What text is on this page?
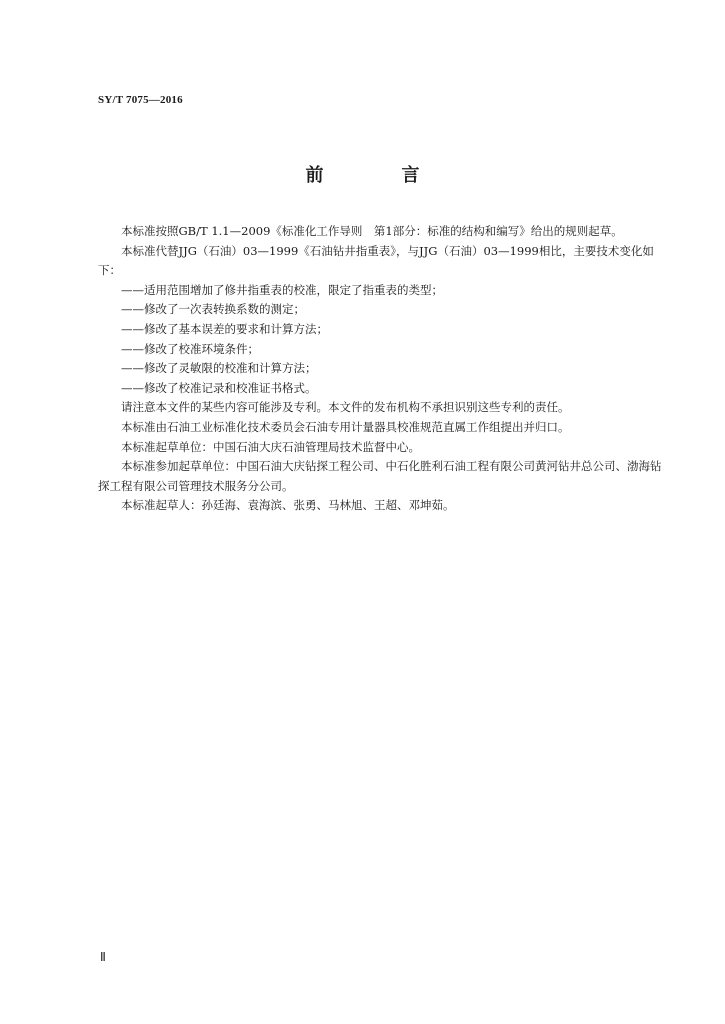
SY/T 7075—2016
前　言

本标准按照GB/T 1.1—2009《标准化工作导则　第1部分：标准的结构和编写》给出的规则起草。

本标准代替JJG（石油）03—1999《石油钻井指重表》，与JJG（石油）03—1999相比，主要技术变化如下：

——适用范围增加了修井指重表的校准，限定了指重表的类型；

——修改了一次表转换系数的测定；

——修改了基本误差的要求和计算方法；

——修改了校准环境条件；

——修改了灵敏限的校准和计算方法；

——修改了校准记录和校准证书格式。

请注意本文件的某些内容可能涉及专利。本文件的发布机构不承担识别这些专利的责任。

本标准由石油工业标准化技术委员会石油专用计量器具校准规范直属工作组提出并归口。

本标准起草单位：中国石油大庆石油管理局技术监督中心。

本标准参加起草单位：中国石油大庆钻探工程公司、中石化胜利石油工程有限公司黄河钻井总公司、渤海钻探工程有限公司管理技术服务分公司。

本标准起草人：孙廷海、袁海滨、张勇、马林旭、王超、邓坤茹。

Ⅱ
